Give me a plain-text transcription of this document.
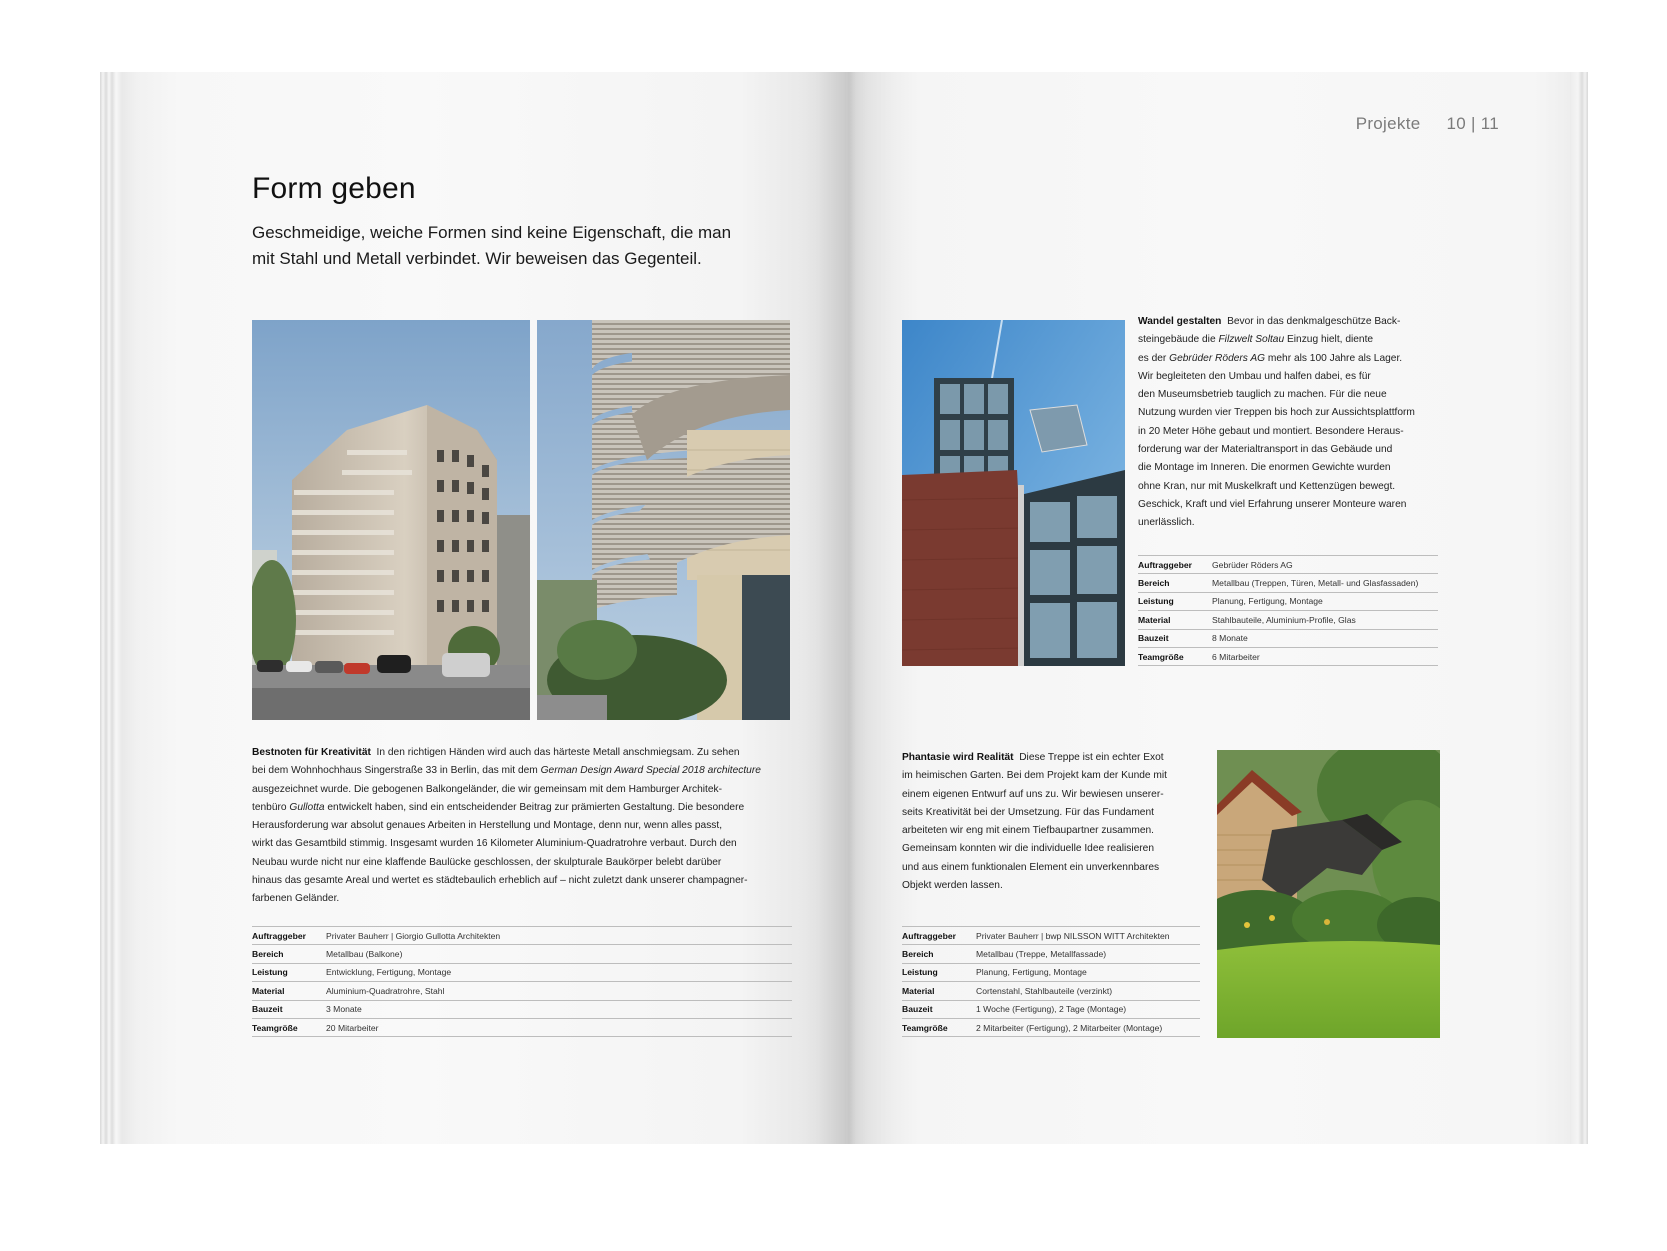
Projekte 10 | 11
Form geben

Geschmeidige, weiche Formen sind keine Eigenschaft, die man mit Stahl und Metall verbindet. Wir beweisen das Gegenteil.

Bestnoten für Kreativität In den richtigen Händen wird auch das härteste Metall anschmiegsam. Zu sehen
bei dem Wohnhochhaus Singerstraße 33 in Berlin, das mit dem German Design Award Special 2018 architecture
ausgezeichnet wurde. Die gebogenen Balkongeländer, die wir gemeinsam mit dem Hamburger Architek-
tenbüro Gullotta entwickelt haben, sind ein entscheidender Beitrag zur prämierten Gestaltung. Die besondere
Herausforderung war absolut genaues Arbeiten in Herstellung und Montage, denn nur, wenn alles passt,
wirkt das Gesamtbild stimmig. Insgesamt wurden 16 Kilometer Aluminium-Quadratrohre verbaut. Durch den
Neubau wurde nicht nur eine klaffende Baulücke geschlossen, der skulpturale Baukörper belebt darüber
hinaus das gesamte Areal und wertet es städtebaulich erheblich auf – nicht zuletzt dank unserer champagner-
farbenen Geländer.
Auftraggeber	Privater Bauherr | Giorgio Gullotta Architekten
Bereich	Metallbau (Balkone)
Leistung	Entwicklung, Fertigung, Montage
Material	Aluminium-Quadratrohre, Stahl
Bauzeit	3 Monate
Teamgröße	20 Mitarbeiter
Wandel gestalten Bevor in das denkmalgeschütze Back-
steingebäude die Filzwelt Soltau Einzug hielt, diente
es der Gebrüder Röders AG mehr als 100 Jahre als Lager.
Wir begleiteten den Umbau und halfen dabei, es für
den Museumsbetrieb tauglich zu machen. Für die neue
Nutzung wurden vier Treppen bis hoch zur Aussichtsplattform
in 20 Meter Höhe gebaut und montiert. Besondere Heraus-
forderung war der Materialtransport in das Gebäude und
die Montage im Inneren. Die enormen Gewichte wurden
ohne Kran, nur mit Muskelkraft und Kettenzügen bewegt.
Geschick, Kraft und viel Erfahrung unserer Monteure waren
unerlässlich.
Auftraggeber	Gebrüder Röders AG
Bereich	Metallbau (Treppen, Türen, Metall- und Glasfassaden)
Leistung	Planung, Fertigung, Montage
Material	Stahlbauteile, Aluminium-Profile, Glas
Bauzeit	8 Monate
Teamgröße	6 Mitarbeiter
Phantasie wird Realität Diese Treppe ist ein echter Exot
im heimischen Garten. Bei dem Projekt kam der Kunde mit
einem eigenen Entwurf auf uns zu. Wir bewiesen unserer-
seits Kreativität bei der Umsetzung. Für das Fundament
arbeiteten wir eng mit einem Tiefbaupartner zusammen.
Gemeinsam konnten wir die individuelle Idee realisieren
und aus einem funktionalen Element ein unverkennbares
Objekt werden lassen.
Auftraggeber	Privater Bauherr | bwp NILSSON WITT Architekten
Bereich	Metallbau (Treppe, Metallfassade)
Leistung	Planung, Fertigung, Montage
Material	Cortenstahl, Stahlbauteile (verzinkt)
Bauzeit	1 Woche (Fertigung), 2 Tage (Montage)
Teamgröße	2 Mitarbeiter (Fertigung), 2 Mitarbeiter (Montage)
